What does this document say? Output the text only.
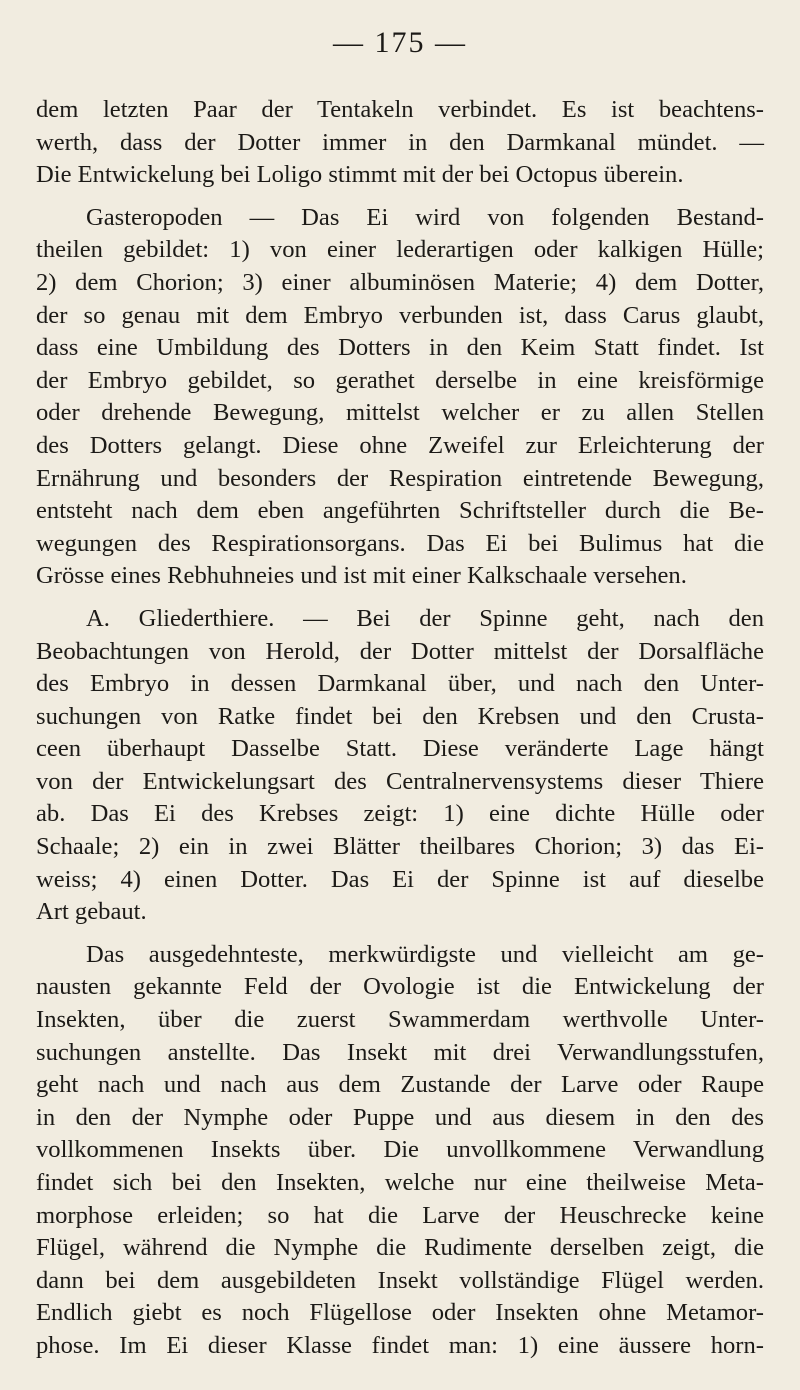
— 175 —

dem letzten Paar der Tentakeln verbindet. Es ist beachtens-

werth, dass der Dotter immer in den Darmkanal mündet. —

Die Entwickelung bei Loligo stimmt mit der bei Octopus überein.

Gasteropoden — Das Ei wird von folgenden Bestand-

theilen gebildet: 1) von einer lederartigen oder kalkigen Hülle;

2) dem Chorion; 3) einer albuminösen Materie; 4) dem Dotter,

der so genau mit dem Embryo verbunden ist, dass Carus glaubt,

dass eine Umbildung des Dotters in den Keim Statt findet. Ist

der Embryo gebildet, so gerathet derselbe in eine kreisförmige

oder drehende Bewegung, mittelst welcher er zu allen Stellen

des Dotters gelangt. Diese ohne Zweifel zur Erleichterung der

Ernährung und besonders der Respiration eintretende Bewegung,

entsteht nach dem eben angeführten Schriftsteller durch die Be-

wegungen des Respirationsorgans. Das Ei bei Bulimus hat die

Grösse eines Rebhuhneies und ist mit einer Kalkschaale versehen.

A. Gliederthiere. — Bei der Spinne geht, nach den

Beobachtungen von Herold, der Dotter mittelst der Dorsalfläche

des Embryo in dessen Darmkanal über, und nach den Unter-

suchungen von Ratke findet bei den Krebsen und den Crusta-

ceen überhaupt Dasselbe Statt. Diese veränderte Lage hängt

von der Entwickelungsart des Centralnervensystems dieser Thiere

ab. Das Ei des Krebses zeigt: 1) eine dichte Hülle oder

Schaale; 2) ein in zwei Blätter theilbares Chorion; 3) das Ei-

weiss; 4) einen Dotter. Das Ei der Spinne ist auf dieselbe

Art gebaut.

Das ausgedehnteste, merkwürdigste und vielleicht am ge-

nausten gekannte Feld der Ovologie ist die Entwickelung der

Insekten, über die zuerst Swammerdam werthvolle Unter-

suchungen anstellte. Das Insekt mit drei Verwandlungsstufen,

geht nach und nach aus dem Zustande der Larve oder Raupe

in den der Nymphe oder Puppe und aus diesem in den des

vollkommenen Insekts über. Die unvollkommene Verwandlung

findet sich bei den Insekten, welche nur eine theilweise Meta-

morphose erleiden; so hat die Larve der Heuschrecke keine

Flügel, während die Nymphe die Rudimente derselben zeigt, die

dann bei dem ausgebildeten Insekt vollständige Flügel werden.

Endlich giebt es noch Flügellose oder Insekten ohne Metamor-

phose. Im Ei dieser Klasse findet man: 1) eine äussere horn-
